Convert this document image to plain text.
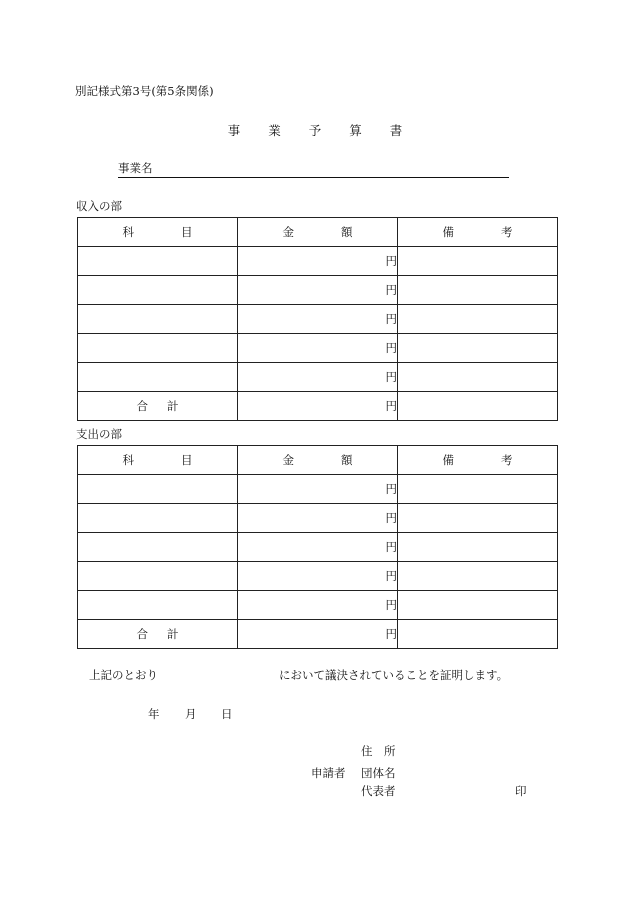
別記様式第3号(第5条関係)
事 業 予 算 書
事業名
収入の部
科 目	金 額	備 考

	円	
	円	
	円	
	円	
	円	

合 計	円	
支出の部
科 目	金 額	備 考

	円	
	円	
	円	
	円	
	円	

合 計	円	
上記のとおり	において議決されていることを証明します。
年 月 日
住　所
申請者 団体名
代表者	印
